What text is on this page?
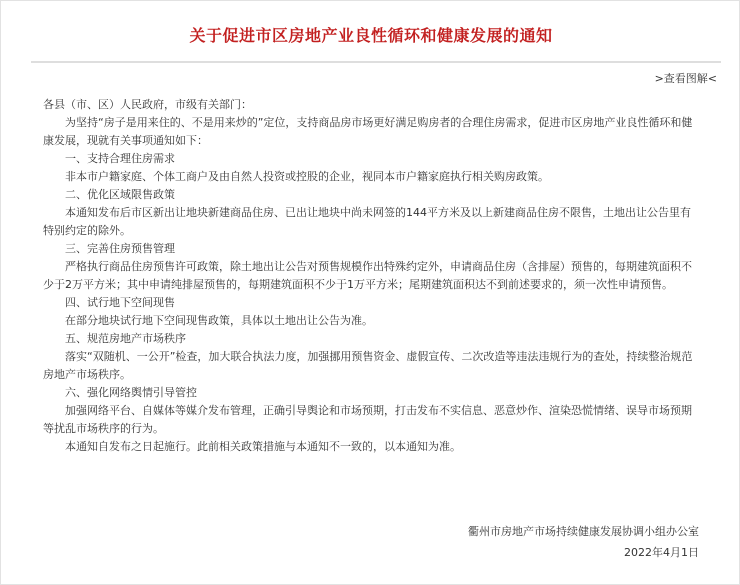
关于促进市区房地产业良性循环和健康发展的通知
>查看图解<

各县（市、区）人民政府，市级有关部门：

为坚持“房子是用来住的、不是用来炒的”定位，支持商品房市场更好满足购房者的合理住房需求，促进市区房地产业良性循环和健康发展，现就有关事项通知如下：

一、支持合理住房需求

非本市户籍家庭、个体工商户及由自然人投资或控股的企业，视同本市户籍家庭执行相关购房政策。

二、优化区域限售政策

本通知发布后市区新出让地块新建商品住房、已出让地块中尚未网签的144平方米及以上新建商品住房不限售，土地出让公告里有特别约定的除外。

三、完善住房预售管理

严格执行商品住房预售许可政策，除土地出让公告对预售规模作出特殊约定外，申请商品住房（含排屋）预售的，每期建筑面积不少于2万平方米；其中申请纯排屋预售的，每期建筑面积不少于1万平方米；尾期建筑面积达不到前述要求的，须一次性申请预售。

四、试行地下空间现售

在部分地块试行地下空间现售政策，具体以土地出让公告为准。

五、规范房地产市场秩序

落实“双随机、一公开”检查，加大联合执法力度，加强挪用预售资金、虚假宣传、二次改造等违法违规行为的查处，持续整治规范房地产市场秩序。

六、强化网络舆情引导管控

加强网络平台、自媒体等媒介发布管理，正确引导舆论和市场预期，打击发布不实信息、恶意炒作、渲染恐慌情绪、误导市场预期等扰乱市场秩序的行为。

本通知自发布之日起施行。此前相关政策措施与本通知不一致的，以本通知为准。

衢州市房地产市场持续健康发展协调小组办公室
2022年4月1日
